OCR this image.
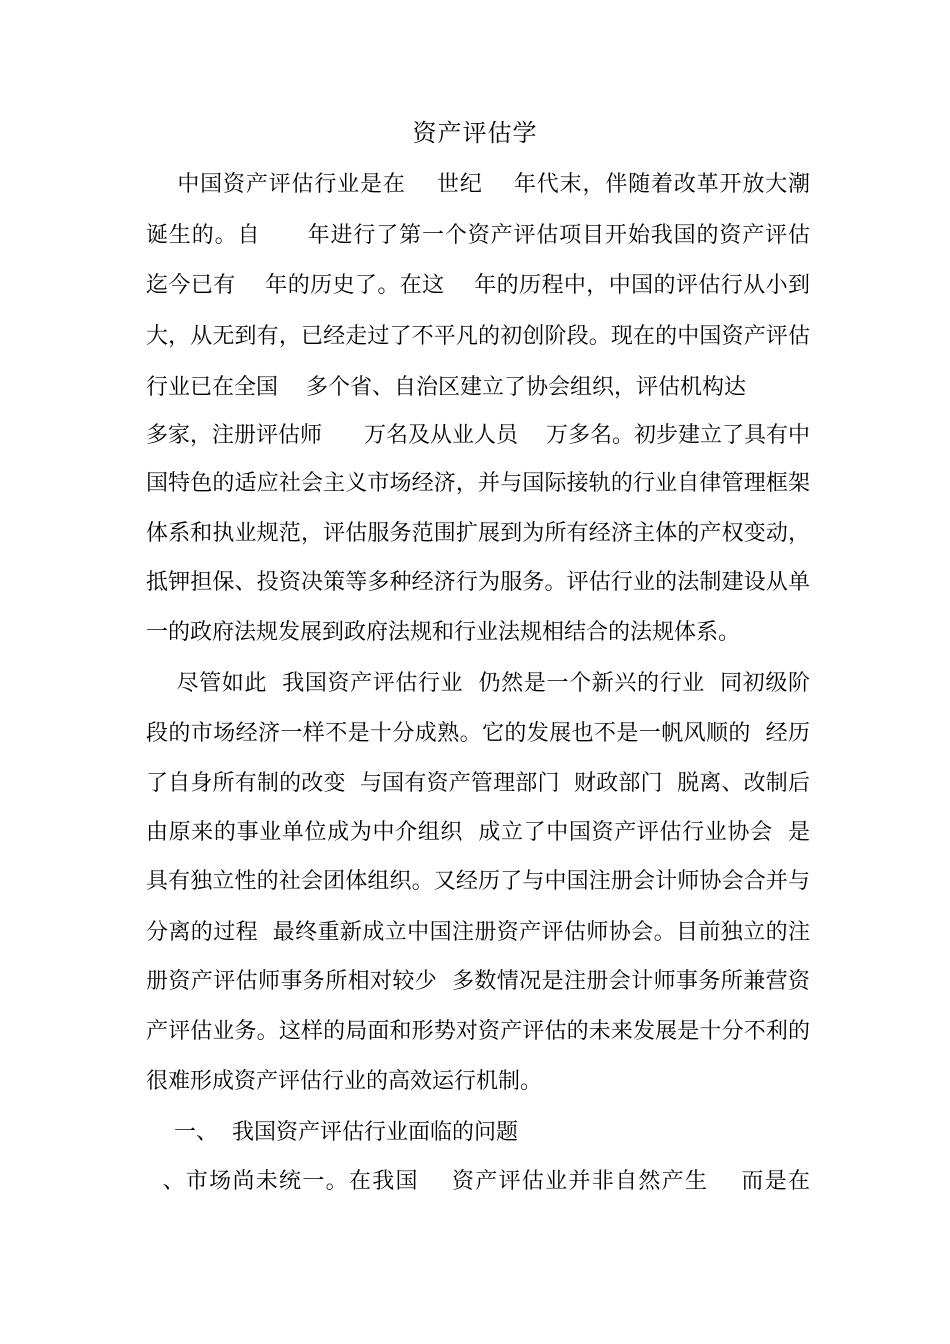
资产评估学
中国资产评估行业是在    世纪    年代末，伴随着改革开放大潮
诞生的。自      年进行了第一个资产评估项目开始我国的资产评估
迄今已有    年的历史了。在这    年的历程中，中国的评估行从小到
大，从无到有，已经走过了不平凡的初创阶段。现在的中国资产评估
行业已在全国    多个省、自治区建立了协会组织，评估机构达
多家，注册评估师      万名及从业人员    万多名。初步建立了具有中
国特色的适应社会主义市场经济，并与国际接轨的行业自律管理框架
体系和执业规范，评估服务范围扩展到为所有经济主体的产权变动，
抵钾担保、投资决策等多种经济行为服务。评估行业的法制建设从单
一的政府法规发展到政府法规和行业法规相结合的法规体系。
尽管如此  我国资产评估行业  仍然是一个新兴的行业  同初级阶
段的市场经济一样不是十分成熟。它的发展也不是一帆风顺的  经历
了自身所有制的改变  与国有资产管理部门  财政部门  脱离、改制后
由原来的事业单位成为中介组织  成立了中国资产评估行业协会  是
具有独立性的社会团体组织。又经历了与中国注册会计师协会合并与
分离的过程  最终重新成立中国注册资产评估师协会。目前独立的注
册资产评估师事务所相对较少  多数情况是注册会计师事务所兼营资
产评估业务。这样的局面和形势对资产评估的未来发展是十分不利的
很难形成资产评估行业的高效运行机制。
一、  我国资产评估行业面临的问题
、市场尚未统一。在我国    资产评估业并非自然产生    而是在
